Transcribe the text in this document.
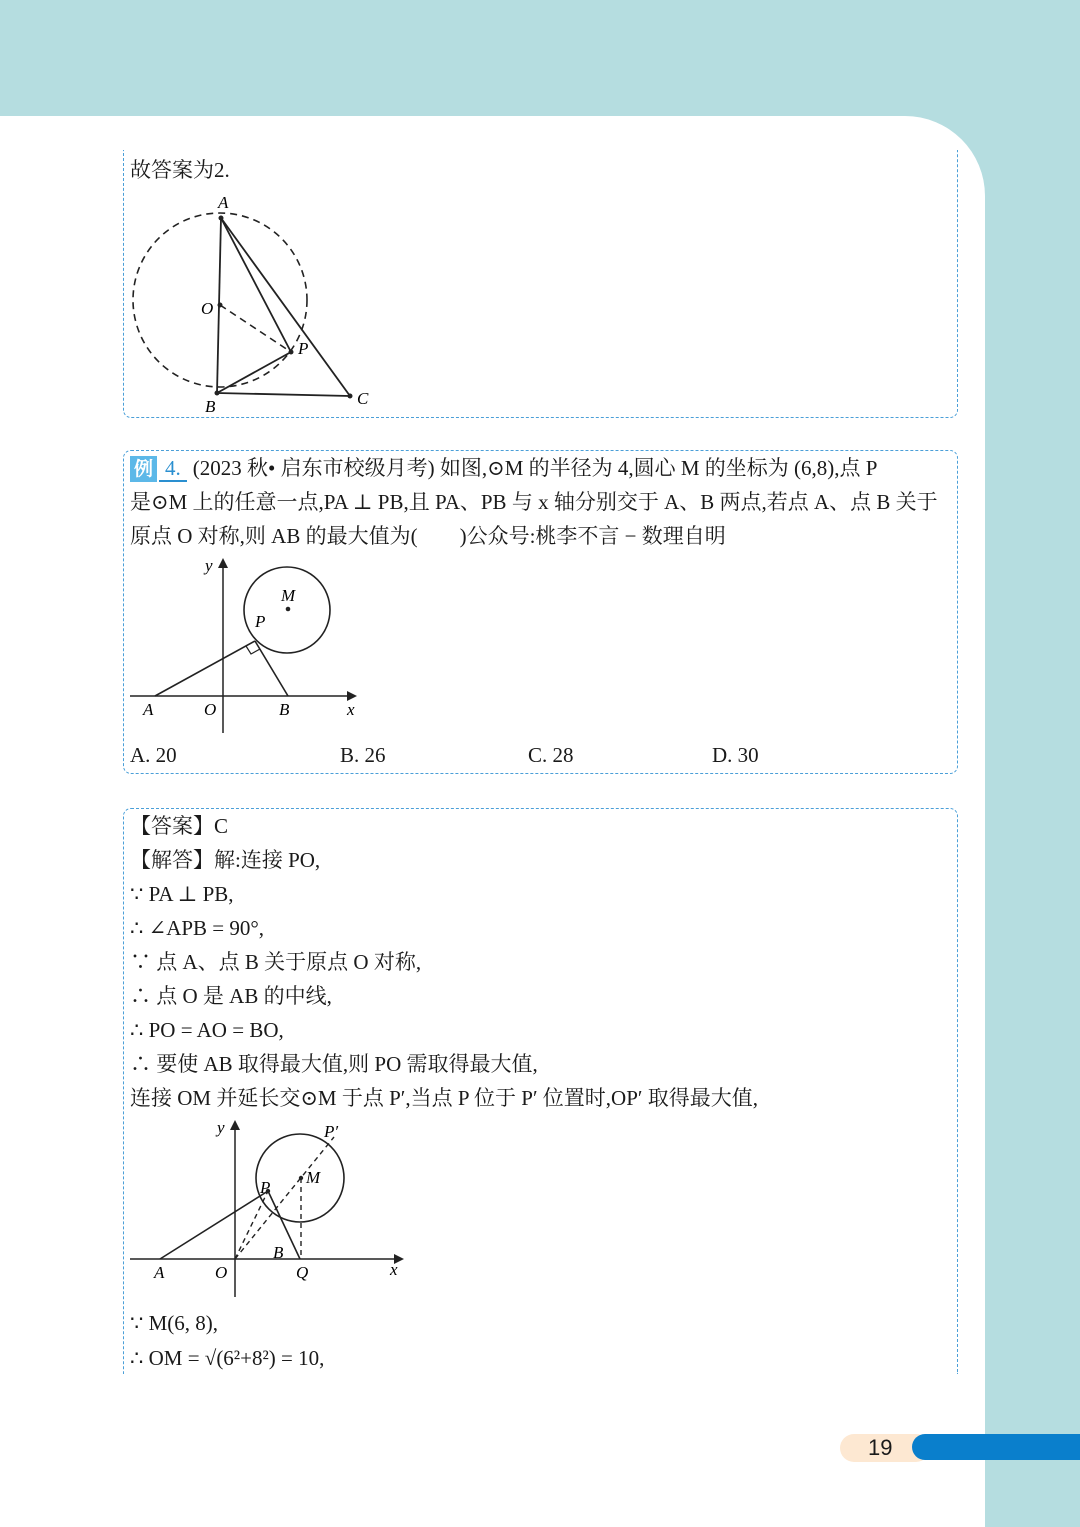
故答案为2.
A
O
P
B	C
例 4. (2023 秋• 启东市校级月考) 如图,⊙M 的半径为 4,圆心 M 的坐标为 (6,8),点 P
是⊙M 上的任意一点,PA ⊥ PB,且 PA、PB 与 x 轴分别交于 A、B 两点,若点 A、点 B 关于
原点 O 对称,则 AB 的最大值为(　　)公众号:桃李不言 − 数理自明
y
M
P
A	O	B	x
A. 20	B. 26	C. 28	D. 30
【答案】C
【解答】解:连接 PO,
∵ PA ⊥ PB,
∴ ∠APB = 90°,
∵ 点 A、点 B 关于原点 O 对称,
∴ 点 O 是 AB 的中线,
∴ PO = AO = BO,
∴ 要使 AB 取得最大值,则 PO 需取得最大值,
连接 OM 并延长交⊙M 于点 P′,当点 P 位于 P′ 位置时,OP′ 取得最大值,
y	P′
M
P
B
A	O	Q	x
∵ M(6, 8),
∴ OM = √(6²+8²) = 10,
19
